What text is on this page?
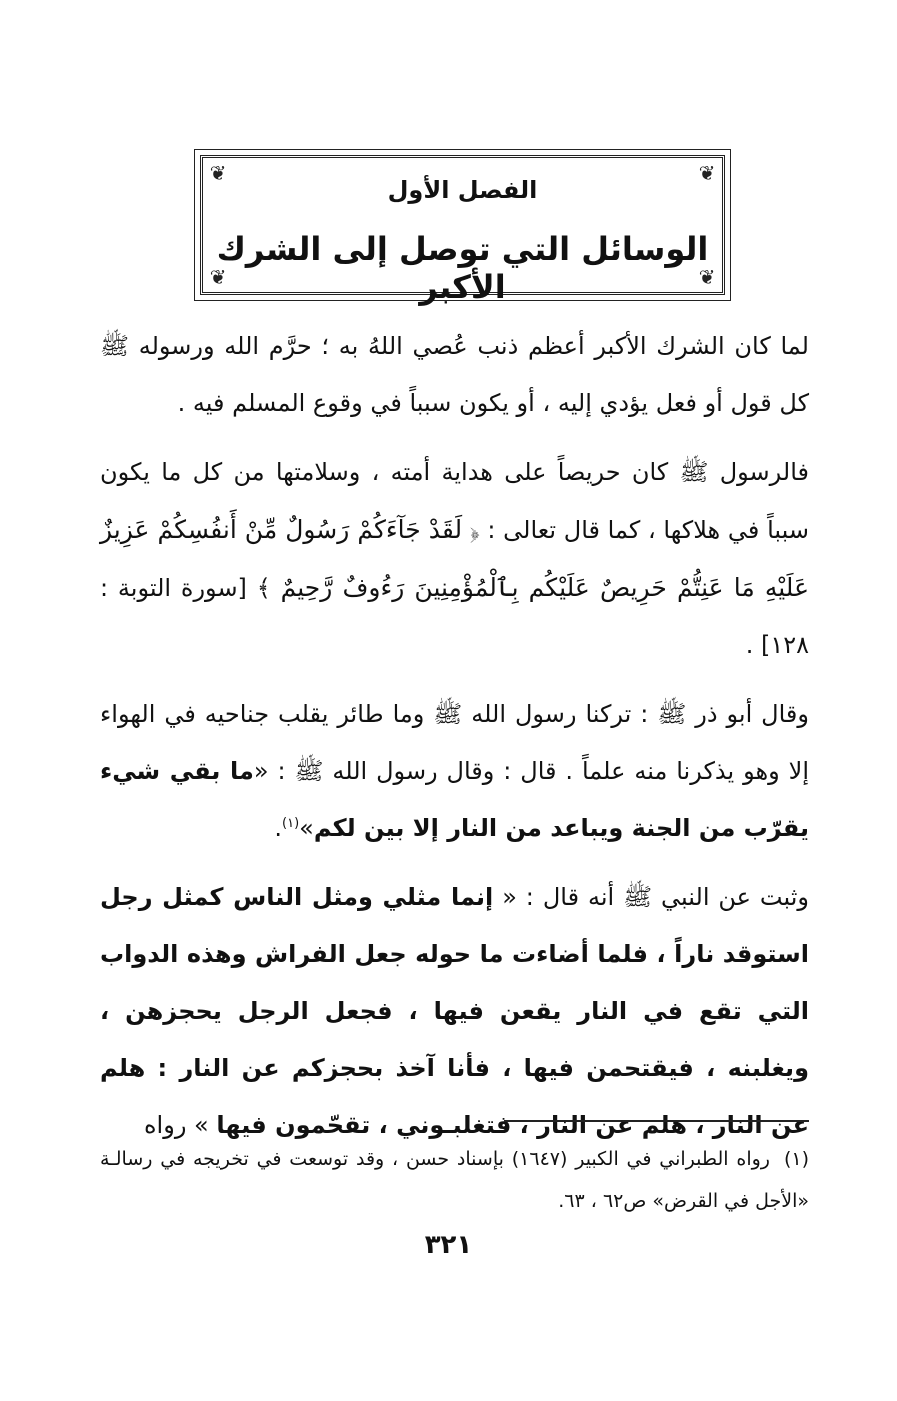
❦	❦
❦	❦
الفصل الأول
الوسائل التي توصل إلى الشرك الأكبر

لما كان الشرك الأكبر أعظم ذنب عُصي اللهُ به ؛ حرَّم الله ورسوله ﷺ كل قول أو فعل يؤدي إليه ، أو يكون سبباً في وقوع المسلم فيه .

فالرسول ﷺ كان حريصاً على هداية أمته ، وسلامتها من كل ما يكون سبباً في هلاكها ، كما قال تعالى : ﴿ لَقَدْ جَآءَكُمْ رَسُولٌ مِّنْ أَنفُسِكُمْ عَزِيزٌ عَلَيْهِ مَا عَنِتُّمْ حَرِيصٌ عَلَيْكُم بِٱلْمُؤْمِنِينَ رَءُوفٌ رَّحِيمٌ ﴾ [سورة التوبة : ١٢٨] .

وقال أبو ذر ﷺ : تركنا رسول الله ﷺ وما طائر يقلب جناحيه في الهواء إلا وهو يذكرنا منه علماً . قال : وقال رسول الله ﷺ : «ما بقي شيء يقرّب من الجنة ويباعد من النار إلا بين لكم»$^{(١)}$.

وثبت عن النبي ﷺ أنه قال : « إنما مثلي ومثل الناس كمثل رجل استوقد ناراً ، فلما أضاءت ما حوله جعل الفراش وهذه الدواب التي تقع في النار يقعن فيها ، فجعل الرجل يحجزهن ، ويغلبنه ، فيقتحمن فيها ، فأنا آخذ بحجزكم عن النار : هلم عن النار ، هلم عن النار ، فتغلبـوني ، تقحّمون فيها » رواه

(١)رواه الطبراني في الكبير (١٦٤٧) بإسناد حسن ، وقد توسعت في تخريجه في رسالـة «الأجل في القرض» ص٦٢ ، ٦٣.
٣٢١
